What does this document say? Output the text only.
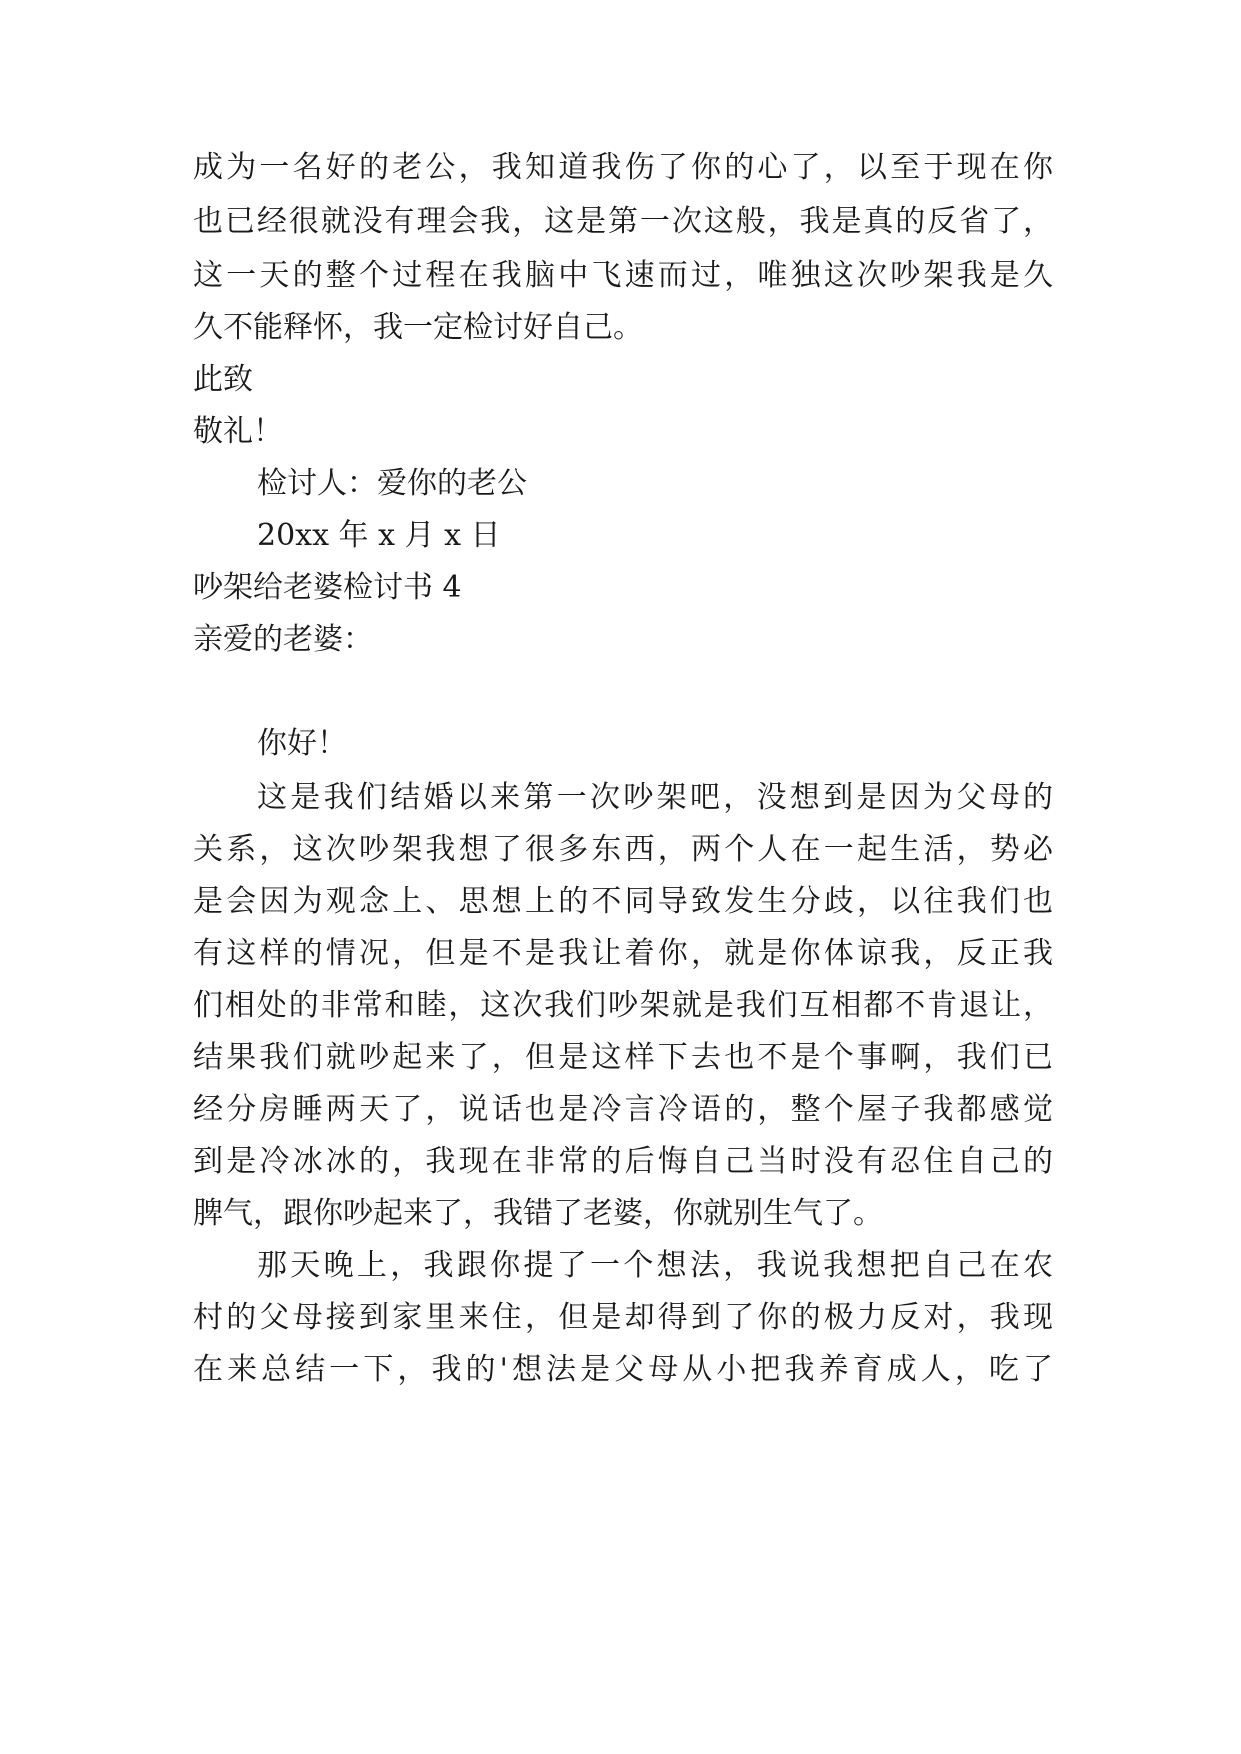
成为一名好的老公，我知道我伤了你的心了，以至于现在你
也已经很就没有理会我，这是第一次这般，我是真的反省了，
这一天的整个过程在我脑中飞速而过，唯独这次吵架我是久
久不能释怀，我一定检讨好自己。
此致
敬礼！
检讨人：爱你的老公
20xx 年 x 月 x 日
吵架给老婆检讨书 4
亲爱的老婆：
你好！
这是我们结婚以来第一次吵架吧，没想到是因为父母的
关系，这次吵架我想了很多东西，两个人在一起生活，势必
是会因为观念上、思想上的不同导致发生分歧，以往我们也
有这样的情况，但是不是我让着你，就是你体谅我，反正我
们相处的非常和睦，这次我们吵架就是我们互相都不肯退让，
结果我们就吵起来了，但是这样下去也不是个事啊，我们已
经分房睡两天了，说话也是冷言冷语的，整个屋子我都感觉
到是冷冰冰的，我现在非常的后悔自己当时没有忍住自己的
脾气，跟你吵起来了，我错了老婆，你就别生气了。
那天晚上，我跟你提了一个想法，我说我想把自己在农
村的父母接到家里来住，但是却得到了你的极力反对，我现
在来总结一下，我的'想法是父母从小把我养育成人，吃了
